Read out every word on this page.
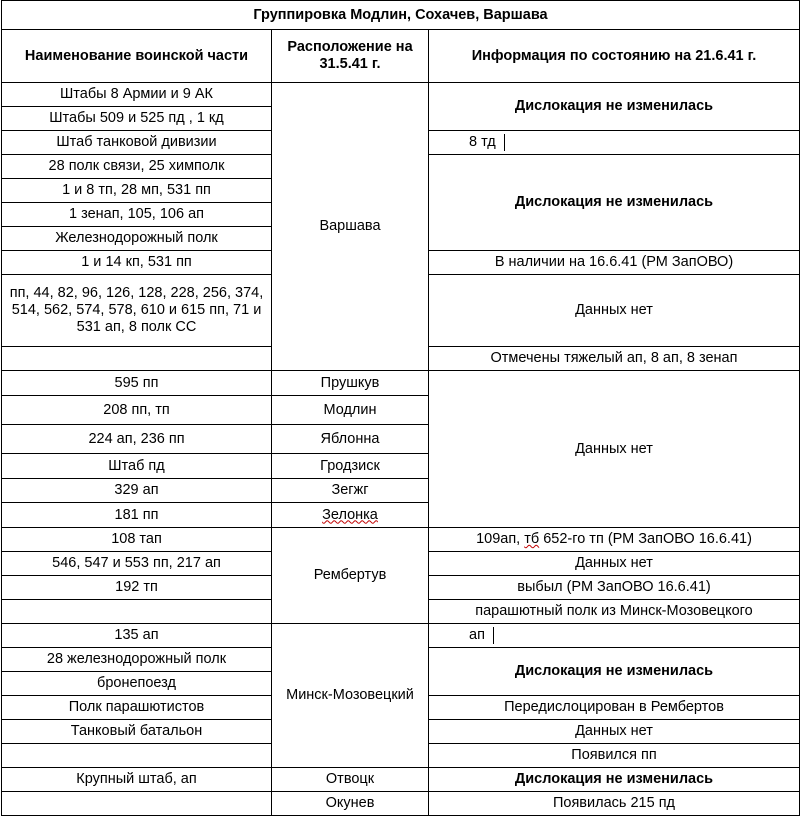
Группировка Модлин, Сохачев, Варшава		
Наименование воинской части	Расположение на 31.5.41 г.	Информация по состоянию на 21.6.41 г.
Штабы 8 Армии и 9 АК	Варшава	Дислокация не изменилась
Штабы 509 и 525 пд , 1 кд		
Штаб танковой дивизии		8 тд
28 полк связи, 25 химполк		Дислокация не изменилась
1 и 8 тп, 28 мп, 531 пп		
1 зенап, 105, 106 ап		
Железнодорожный полк		
1 и 14 кп, 531 пп		В наличии на 16.6.41 (РМ ЗапОВО)
пп, 44, 82, 96, 126, 128, 228, 256, 374, 514, 562, 574, 578, 610 и 615 пп, 71 и 531 ап, 8 полк СС		Данных нет
		Отмечены тяжелый ап, 8 ап, 8 зенап
595 пп	Прушкув	Данных нет
208 пп, тп	Модлин	
224 ап, 236 пп	Яблонна	
Штаб пд	Гродзиск	
329 ап	Зегжг	
181 пп	Зелонка	
108 тап	Рембертув	109ап, тб 652-го тп (РМ ЗапОВО 16.6.41)
546, 547 и 553 пп, 217 ап		Данных нет
192 тп		выбыл (РМ ЗапОВО 16.6.41)
		парашютный полк из Минск-Мозовецкого
135 ап	Минск-Мозовецкий	ап
28 железнодорожный полк		Дислокация не изменилась
бронепоезд		
Полк парашютистов		Передислоцирован в Рембертов
Танковый батальон		Данных нет
		Появился пп
Крупный штаб, ап	Отвоцк	Дислокация не изменилась
	Окунев	Появилась 215 пд
